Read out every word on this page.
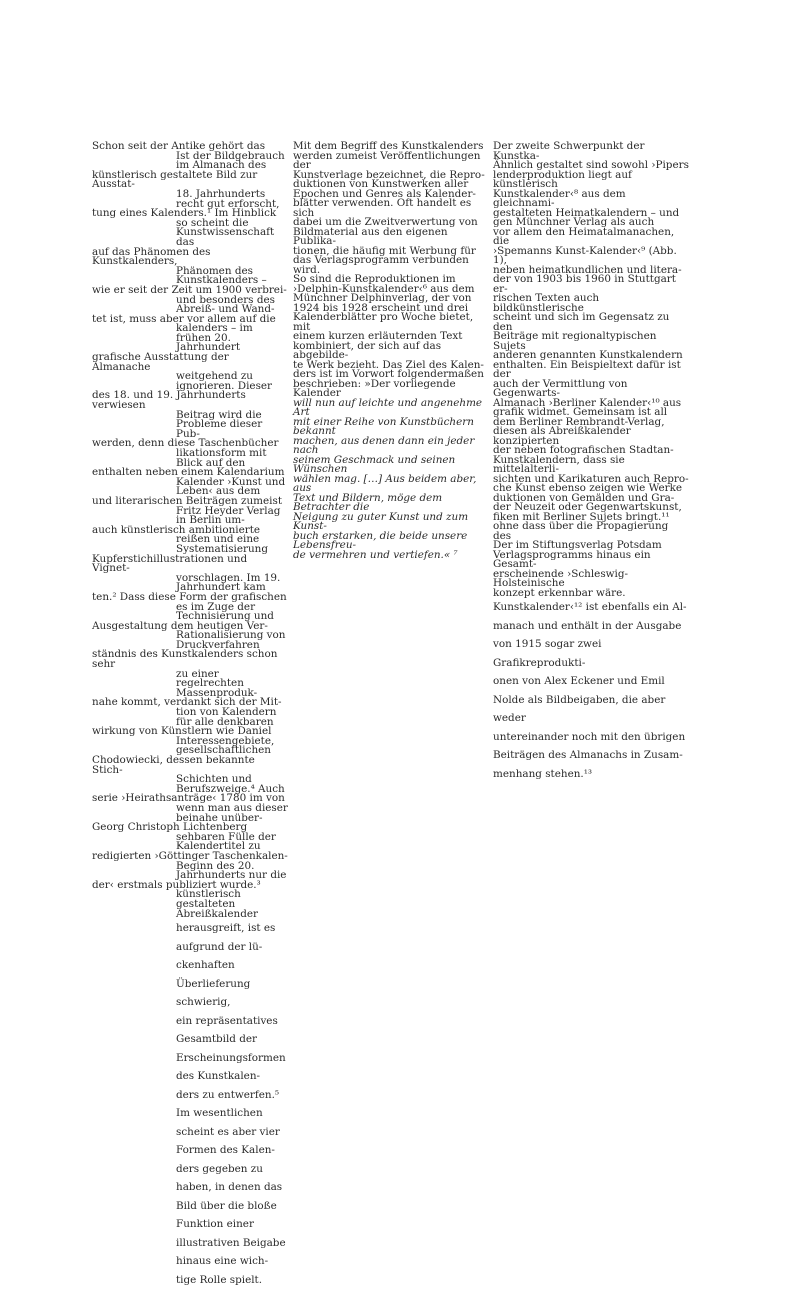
Schon seit der Antike gehört das

Ist der Bildgebrauch im Almanach des

künstlerisch gestaltete Bild zur Ausstat-

18. Jahrhunderts recht gut erforscht,

tung eines Kalenders.¹ Im Hinblick

so scheint die Kunstwissenschaft das

auf das Phänomen des Kunstkalenders,

Phänomen des Kunstkalenders –

wie er seit der Zeit um 1900 verbrei-

und besonders des Abreiß- und Wand-

tet ist, muss aber vor allem auf die

kalenders – im frühen 20. Jahrhundert

grafische Ausstattung der Almanache

weitgehend zu ignorieren. Dieser

des 18. und 19. Jahrhunderts verwiesen

Beitrag wird die Probleme dieser Pub-

werden, denn diese Taschenbücher

likationsform mit Blick auf den

enthalten neben einem Kalendarium

Kalender ›Kunst und Leben‹ aus dem

und literarischen Beiträgen zumeist

Fritz Heyder Verlag in Berlin um-

auch künstlerisch ambitionierte

reißen und eine Systematisierung

Kupferstichillustrationen und Vignet-

vorschlagen. Im 19. Jahrhundert kam

ten.² Dass diese Form der grafischen

es im Zuge der Technisierung und

Ausgestaltung dem heutigen Ver-

Rationalisierung von Druckverfahren

ständnis des Kunstkalenders schon sehr

zu einer regelrechten Massenproduk-

nahe kommt, verdankt sich der Mit-

tion von Kalendern für alle denkbaren

wirkung von Künstlern wie Daniel

Interessengebiete, gesellschaftlichen

Chodowiecki, dessen bekannte Stich-

Schichten und Berufszweige.⁴ Auch

serie ›Heirathsanträge‹ 1780 im von

wenn man aus dieser beinahe unüber-

Georg Christoph Lichtenberg

sehbaren Fülle der Kalendertitel zu

redigierten ›Göttinger Taschenkalen-

Beginn des 20. Jahrhunderts nur die

der‹ erstmals publiziert wurde.³

künstlerisch gestalteten Abreißkalender

herausgreift, ist es aufgrund der lü-

ckenhaften Überlieferung schwierig,

ein repräsentatives Gesamtbild der

Erscheinungsformen des Kunstkalen-

ders zu entwerfen.⁵ Im wesentlichen

scheint es aber vier Formen des Kalen-

ders gegeben zu haben, in denen das

Bild über die bloße Funktion einer

illustrativen Beigabe hinaus eine wich-

tige Rolle spielt.

Mit dem Begriff des Kunstkalenders

werden zumeist Veröffentlichungen der

Kunstverlage bezeichnet, die Repro-

duktionen von Kunstwerken aller

Epochen und Genres als Kalender-

blätter verwenden. Oft handelt es sich

dabei um die Zweitverwertung von

Bildmaterial aus den eigenen Publika-

tionen, die häufig mit Werbung für

das Verlagsprogramm verbunden wird.

So sind die Reproduktionen im

›Delphin-Kunstkalender‹⁶ aus dem

Münchner Delphinverlag, der von

1924 bis 1928 erscheint und drei

Kalenderblätter pro Woche bietet, mit

einem kurzen erläuternden Text

kombiniert, der sich auf das abgebilde-

te Werk bezieht. Das Ziel des Kalen-

ders ist im Vorwort folgendermaßen

beschrieben: »Der vorliegende Kalender

will nun auf leichte und angenehme Art

mit einer Reihe von Kunstbüchern bekannt

machen, aus denen dann ein jeder nach

seinem Geschmack und seinen Wünschen

wählen mag. […] Aus beidem aber, aus

Text und Bildern, möge dem Betrachter die

Neigung zu guter Kunst und zum Kunst-

buch erstarken, die beide unsere Lebensfreu-

de vermehren und vertiefen.« ⁷

Der zweite Schwerpunkt der Kunstka-

Ähnlich gestaltet sind sowohl ›Pipers

lenderproduktion liegt auf künstlerisch

Kunstkalender‹⁸ aus dem gleichnami-

gestalteten Heimatkalendern – und

gen Münchner Verlag als auch

vor allem den Heimatalmanachen, die

›Spemanns Kunst-Kalender‹⁹ (Abb. 1),

neben heimatkundlichen und litera-

der von 1903 bis 1960 in Stuttgart er-

rischen Texten auch bildkünstlerische

scheint und sich im Gegensatz zu den

Beiträge mit regionaltypischen Sujets

anderen genannten Kunstkalendern

enthalten. Ein Beispieltext dafür ist der

auch der Vermittlung von Gegenwarts-

Almanach ›Berliner Kalender‹¹⁰ aus

grafik widmet. Gemeinsam ist all

dem Berliner Rembrandt-Verlag,

diesen als Abreißkalender konzipierten

der neben fotografischen Stadtan-

Kunstkalendern, dass sie mittelalterli-

sichten und Karikaturen auch Repro-

che Kunst ebenso zeigen wie Werke

duktionen von Gemälden und Gra-

der Neuzeit oder Gegenwartskunst,

fiken mit Berliner Sujets bringt.¹¹

ohne dass über die Propagierung des

Der im Stiftungsverlag Potsdam

Verlagsprogramms hinaus ein Gesamt-

erscheinende ›Schleswig-Holsteinische

konzept erkennbar wäre.

Kunstkalender‹¹² ist ebenfalls ein Al-

manach und enthält in der Ausgabe

von 1915 sogar zwei Grafikreprodukti-

onen von Alex Eckener und Emil

Nolde als Bildbeigaben, die aber weder

untereinander noch mit den übrigen

Beiträgen des Almanachs in Zusam-

menhang stehen.¹³
